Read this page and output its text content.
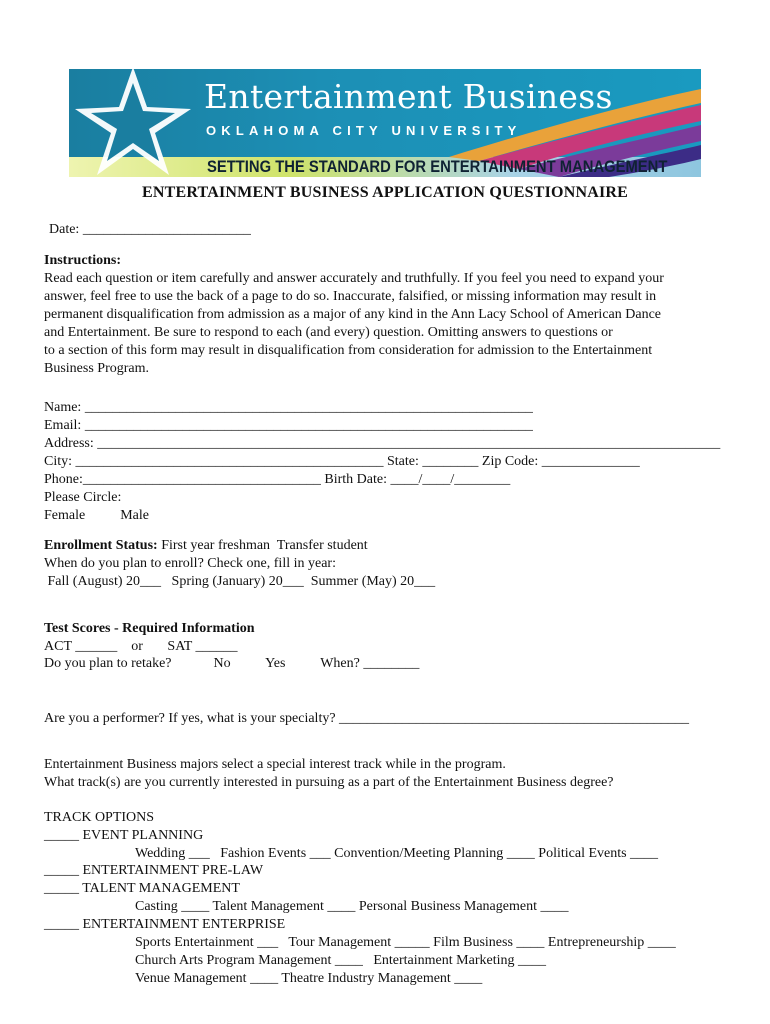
Entertainment Business
OKLAHOMA CITY UNIVERSITY
SETTING THE STANDARD FOR ENTERTAINMENT MANAGEMENT
ENTERTAINMENT BUSINESS APPLICATION QUESTIONNAIRE
Date: ________________________
Instructions:
Read each question or item carefully and answer accurately and truthfully. If you feel you need to expand your
answer, feel free to use the back of a page to do so. Inaccurate, falsified, or missing information may result in
permanent disqualification from admission as a major of any kind in the Ann Lacy School of American Dance
and Entertainment. Be sure to respond to each (and every) question. Omitting answers to questions or
to a section of this form may result in disqualification from consideration for admission to the Entertainment
Business Program.
Name: ________________________________________________________________
Email: ________________________________________________________________
Address: _________________________________________________________________________________________
City: ____________________________________________ State: ________ Zip Code: ______________
Phone:__________________________________ Birth Date: ____/____/________
Please Circle:
Female          Male
Enrollment Status: First year freshman  Transfer student
When do you plan to enroll? Check one, fill in year:
Fall (August) 20___   Spring (January) 20___  Summer (May) 20___
Test Scores - Required Information
ACT ______    or       SAT ______
Do you plan to retake?            No          Yes          When? ________
Are you a performer? If yes, what is your specialty? __________________________________________________
Entertainment Business majors select a special interest track while in the program.
What track(s) are you currently interested in pursuing as a part of the Entertainment Business degree?
TRACK OPTIONS
_____ EVENT PLANNING
Wedding ___   Fashion Events ___ Convention/Meeting Planning ____ Political Events ____
_____ ENTERTAINMENT PRE-LAW
_____ TALENT MANAGEMENT
Casting ____ Talent Management ____ Personal Business Management ____
_____ ENTERTAINMENT ENTERPRISE
Sports Entertainment ___   Tour Management _____ Film Business ____ Entrepreneurship ____
Church Arts Program Management ____   Entertainment Marketing ____
Venue Management ____ Theatre Industry Management ____
